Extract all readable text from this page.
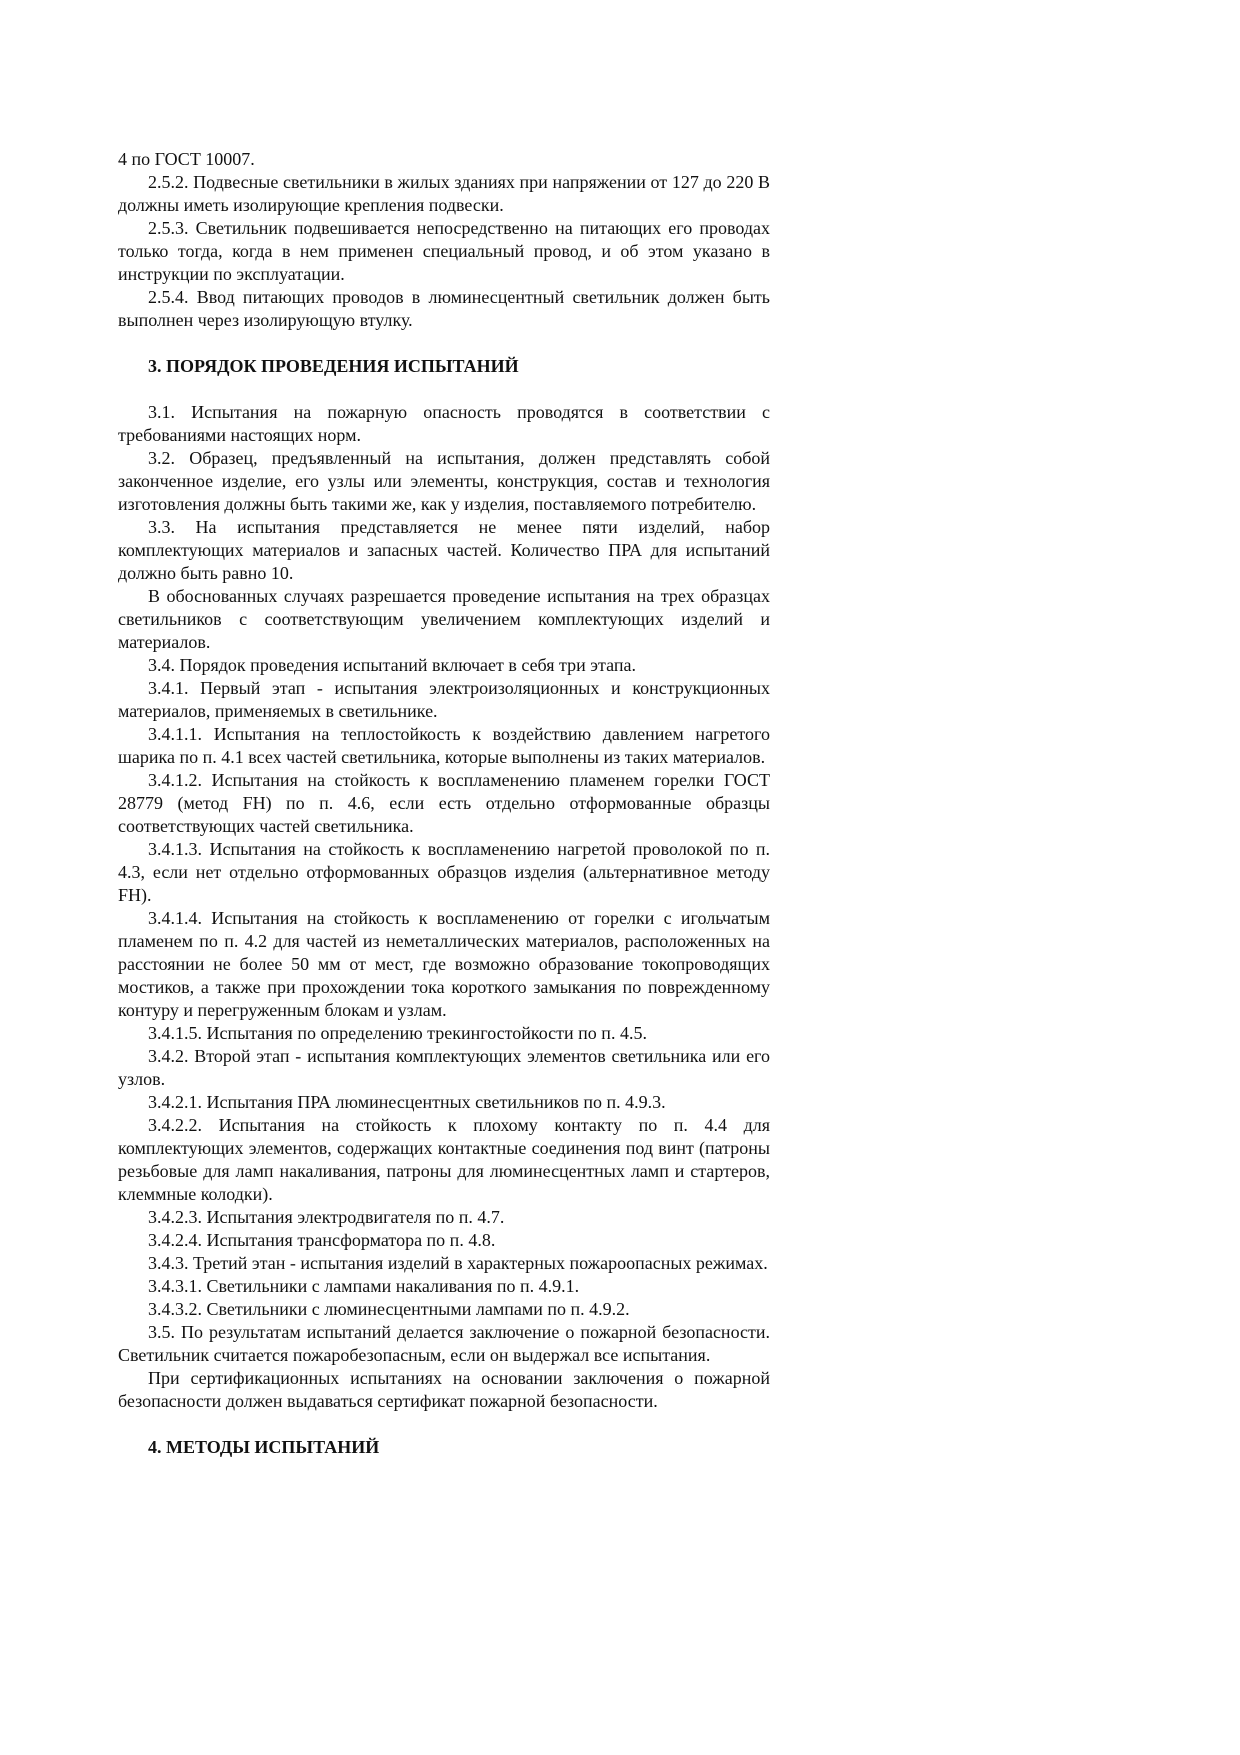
4 по ГОСТ 10007.

2.5.2. Подвесные светильники в жилых зданиях при напряжении от 127 до 220 В должны иметь изолирующие крепления подвески.

2.5.3. Светильник подвешивается непосредственно на питающих его проводах только тогда, когда в нем применен специальный провод, и об этом указано в инструкции по эксплуатации.

2.5.4. Ввод питающих проводов в люминесцентный светильник должен быть выполнен через изолирующую втулку.

3. ПОРЯДОК ПРОВЕДЕНИЯ ИСПЫТАНИЙ

3.1. Испытания на пожарную опасность проводятся в соответствии с требованиями настоящих норм.

3.2. Образец, предъявленный на испытания, должен представлять собой законченное изделие, его узлы или элементы, конструкция, состав и технология изготовления должны быть такими же, как у изделия, поставляемого потребителю.

3.3. На испытания представляется не менее пяти изделий, набор комплектующих материалов и запасных частей. Количество ПРА для испытаний должно быть равно 10.

В обоснованных случаях разрешается проведение испытания на трех образцах светильников с соответствующим увеличением комплектующих изделий и материалов.

3.4. Порядок проведения испытаний включает в себя три этапа.

3.4.1. Первый этап - испытания электроизоляционных и конструкционных материалов, применяемых в светильнике.

3.4.1.1. Испытания на теплостойкость к воздействию давлением нагретого шарика по п. 4.1 всех частей светильника, которые выполнены из таких материалов.

3.4.1.2. Испытания на стойкость к воспламенению пламенем горелки ГОСТ 28779 (метод FH) по п. 4.6, если есть отдельно отформованные образцы соответствующих частей светильника.

3.4.1.3. Испытания на стойкость к воспламенению нагретой проволокой по п. 4.3, если нет отдельно отформованных образцов изделия (альтернативное методу FH).

3.4.1.4. Испытания на стойкость к воспламенению от горелки с игольчатым пламенем по п. 4.2 для частей из неметаллических материалов, расположенных на расстоянии не более 50 мм от мест, где возможно образование токопроводящих мостиков, а также при прохождении тока короткого замыкания по поврежденному контуру и перегруженным блокам и узлам.

3.4.1.5. Испытания по определению трекингостойкости по п. 4.5.

3.4.2. Второй этап - испытания комплектующих элементов светильника или его узлов.

3.4.2.1. Испытания ПРА люминесцентных светильников по п. 4.9.3.

3.4.2.2. Испытания на стойкость к плохому контакту по п. 4.4 для комплектующих элементов, содержащих контактные соединения под винт (патроны резьбовые для ламп накаливания, патроны для люминесцентных ламп и стартеров, клеммные колодки).

3.4.2.3. Испытания электродвигателя по п. 4.7.

3.4.2.4. Испытания трансформатора по п. 4.8.

3.4.3. Третий этан - испытания изделий в характерных пожароопасных режимах.

3.4.3.1. Светильники с лампами накаливания по п. 4.9.1.

3.4.3.2. Светильники с люминесцентными лампами по п. 4.9.2.

3.5. По результатам испытаний делается заключение о пожарной безопасности. Светильник считается пожаробезопасным, если он выдержал все испытания.

При сертификационных испытаниях на основании заключения о пожарной безопасности должен выдаваться сертификат пожарной безопасности.

4. МЕТОДЫ ИСПЫТАНИЙ
